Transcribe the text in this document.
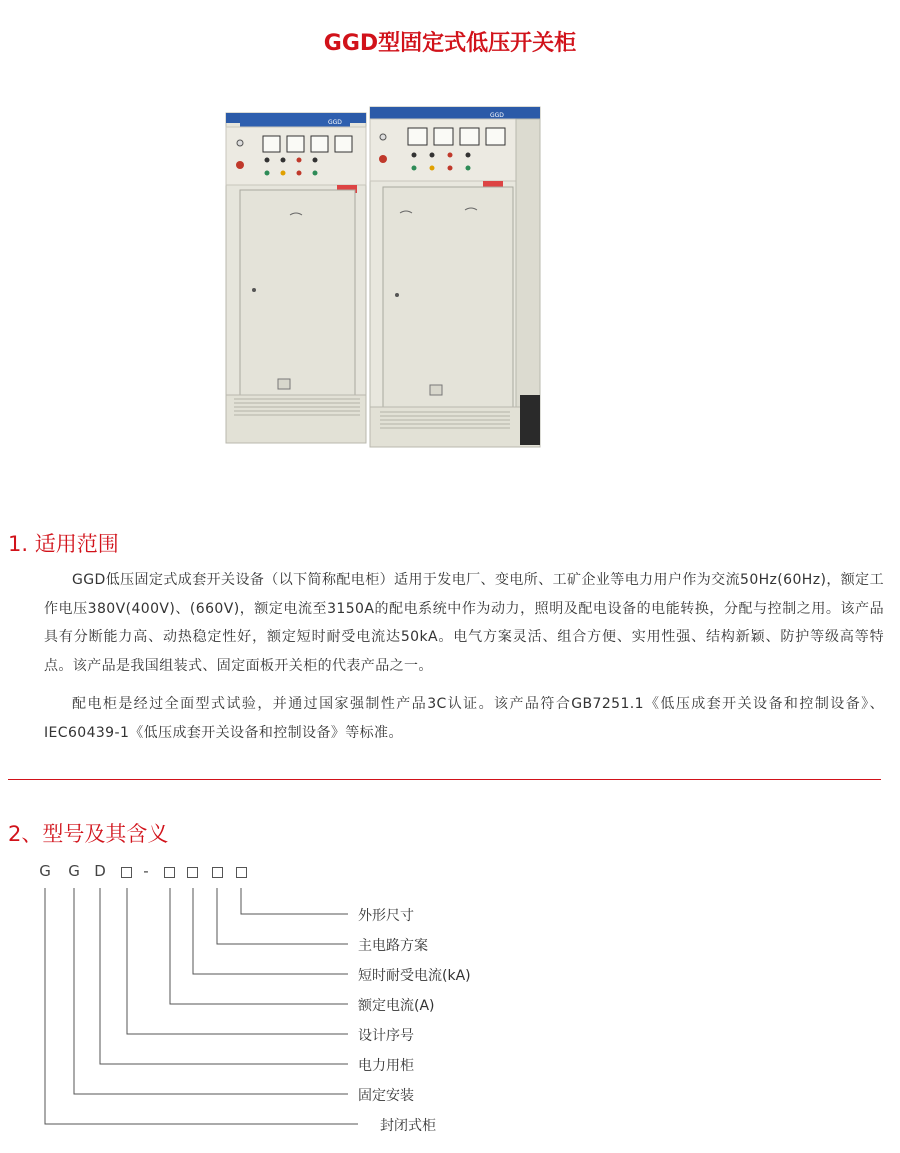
GGD型固定式低压开关柜
GGD
GGD
1. 适用范围
GGD低压固定式成套开关设备（以下简称配电柜）适用于发电厂、变电所、工矿企业等电力用户作为交流50Hz(60Hz)，额定工作电压380V(400V)、(660V)，额定电流至3150A的配电系统中作为动力，照明及配电设备的电能转换，分配与控制之用。该产品具有分断能力高、动热稳定性好，额定短时耐受电流达50kA。电气方案灵活、组合方便、实用性强、结构新颖、防护等级高等特点。该产品是我国组装式、固定面板开关柜的代表产品之一。
配电柜是经过全面型式试验，并通过国家强制性产品3C认证。该产品符合GB7251.1《低压成套开关设备和控制设备》、IEC60439-1《低压成套开关设备和控制设备》等标准。
2、型号及其含义
G G D	-
外形尺寸
主电路方案
短时耐受电流(kA)
额定电流(A)
设计序号
电力用柜
固定安装
封闭式柜
